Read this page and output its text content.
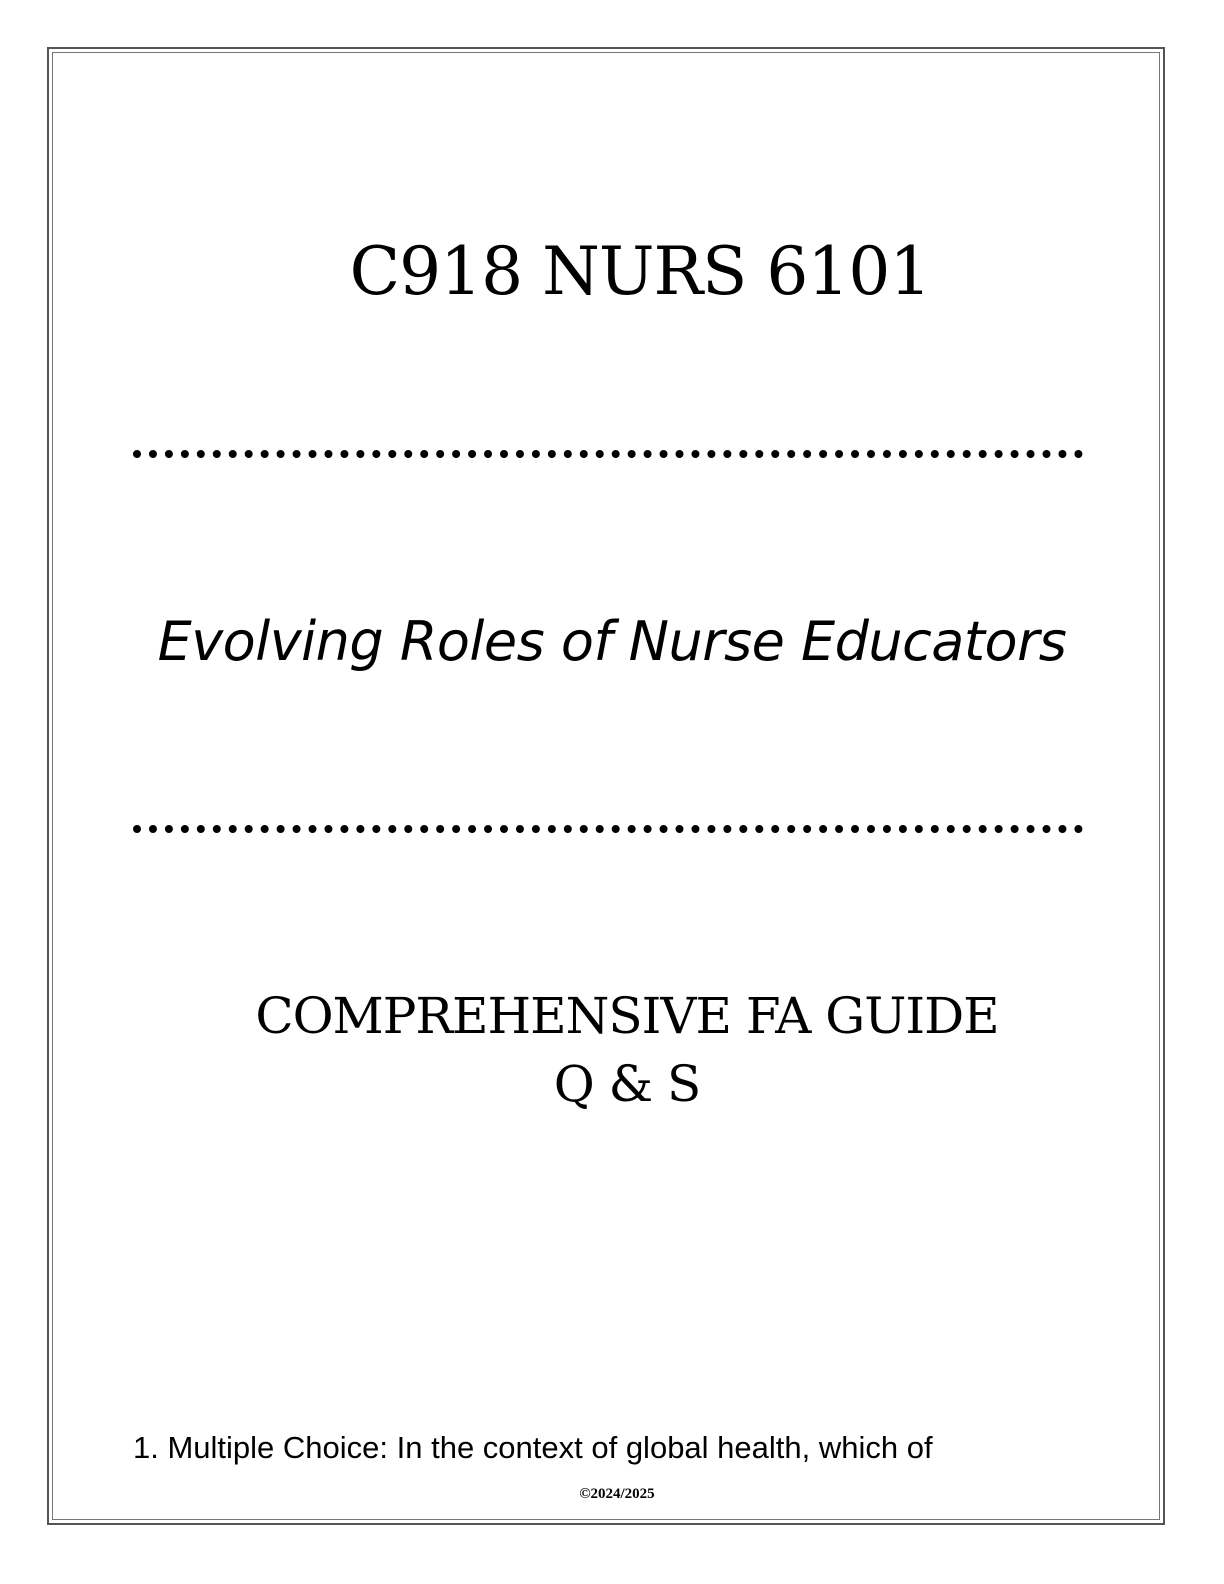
C918 NURS 6101
Evolving Roles of Nurse Educators
COMPREHENSIVE FA GUIDE
Q & S
1. Multiple Choice: In the context of global health, which of
©2024/2025
